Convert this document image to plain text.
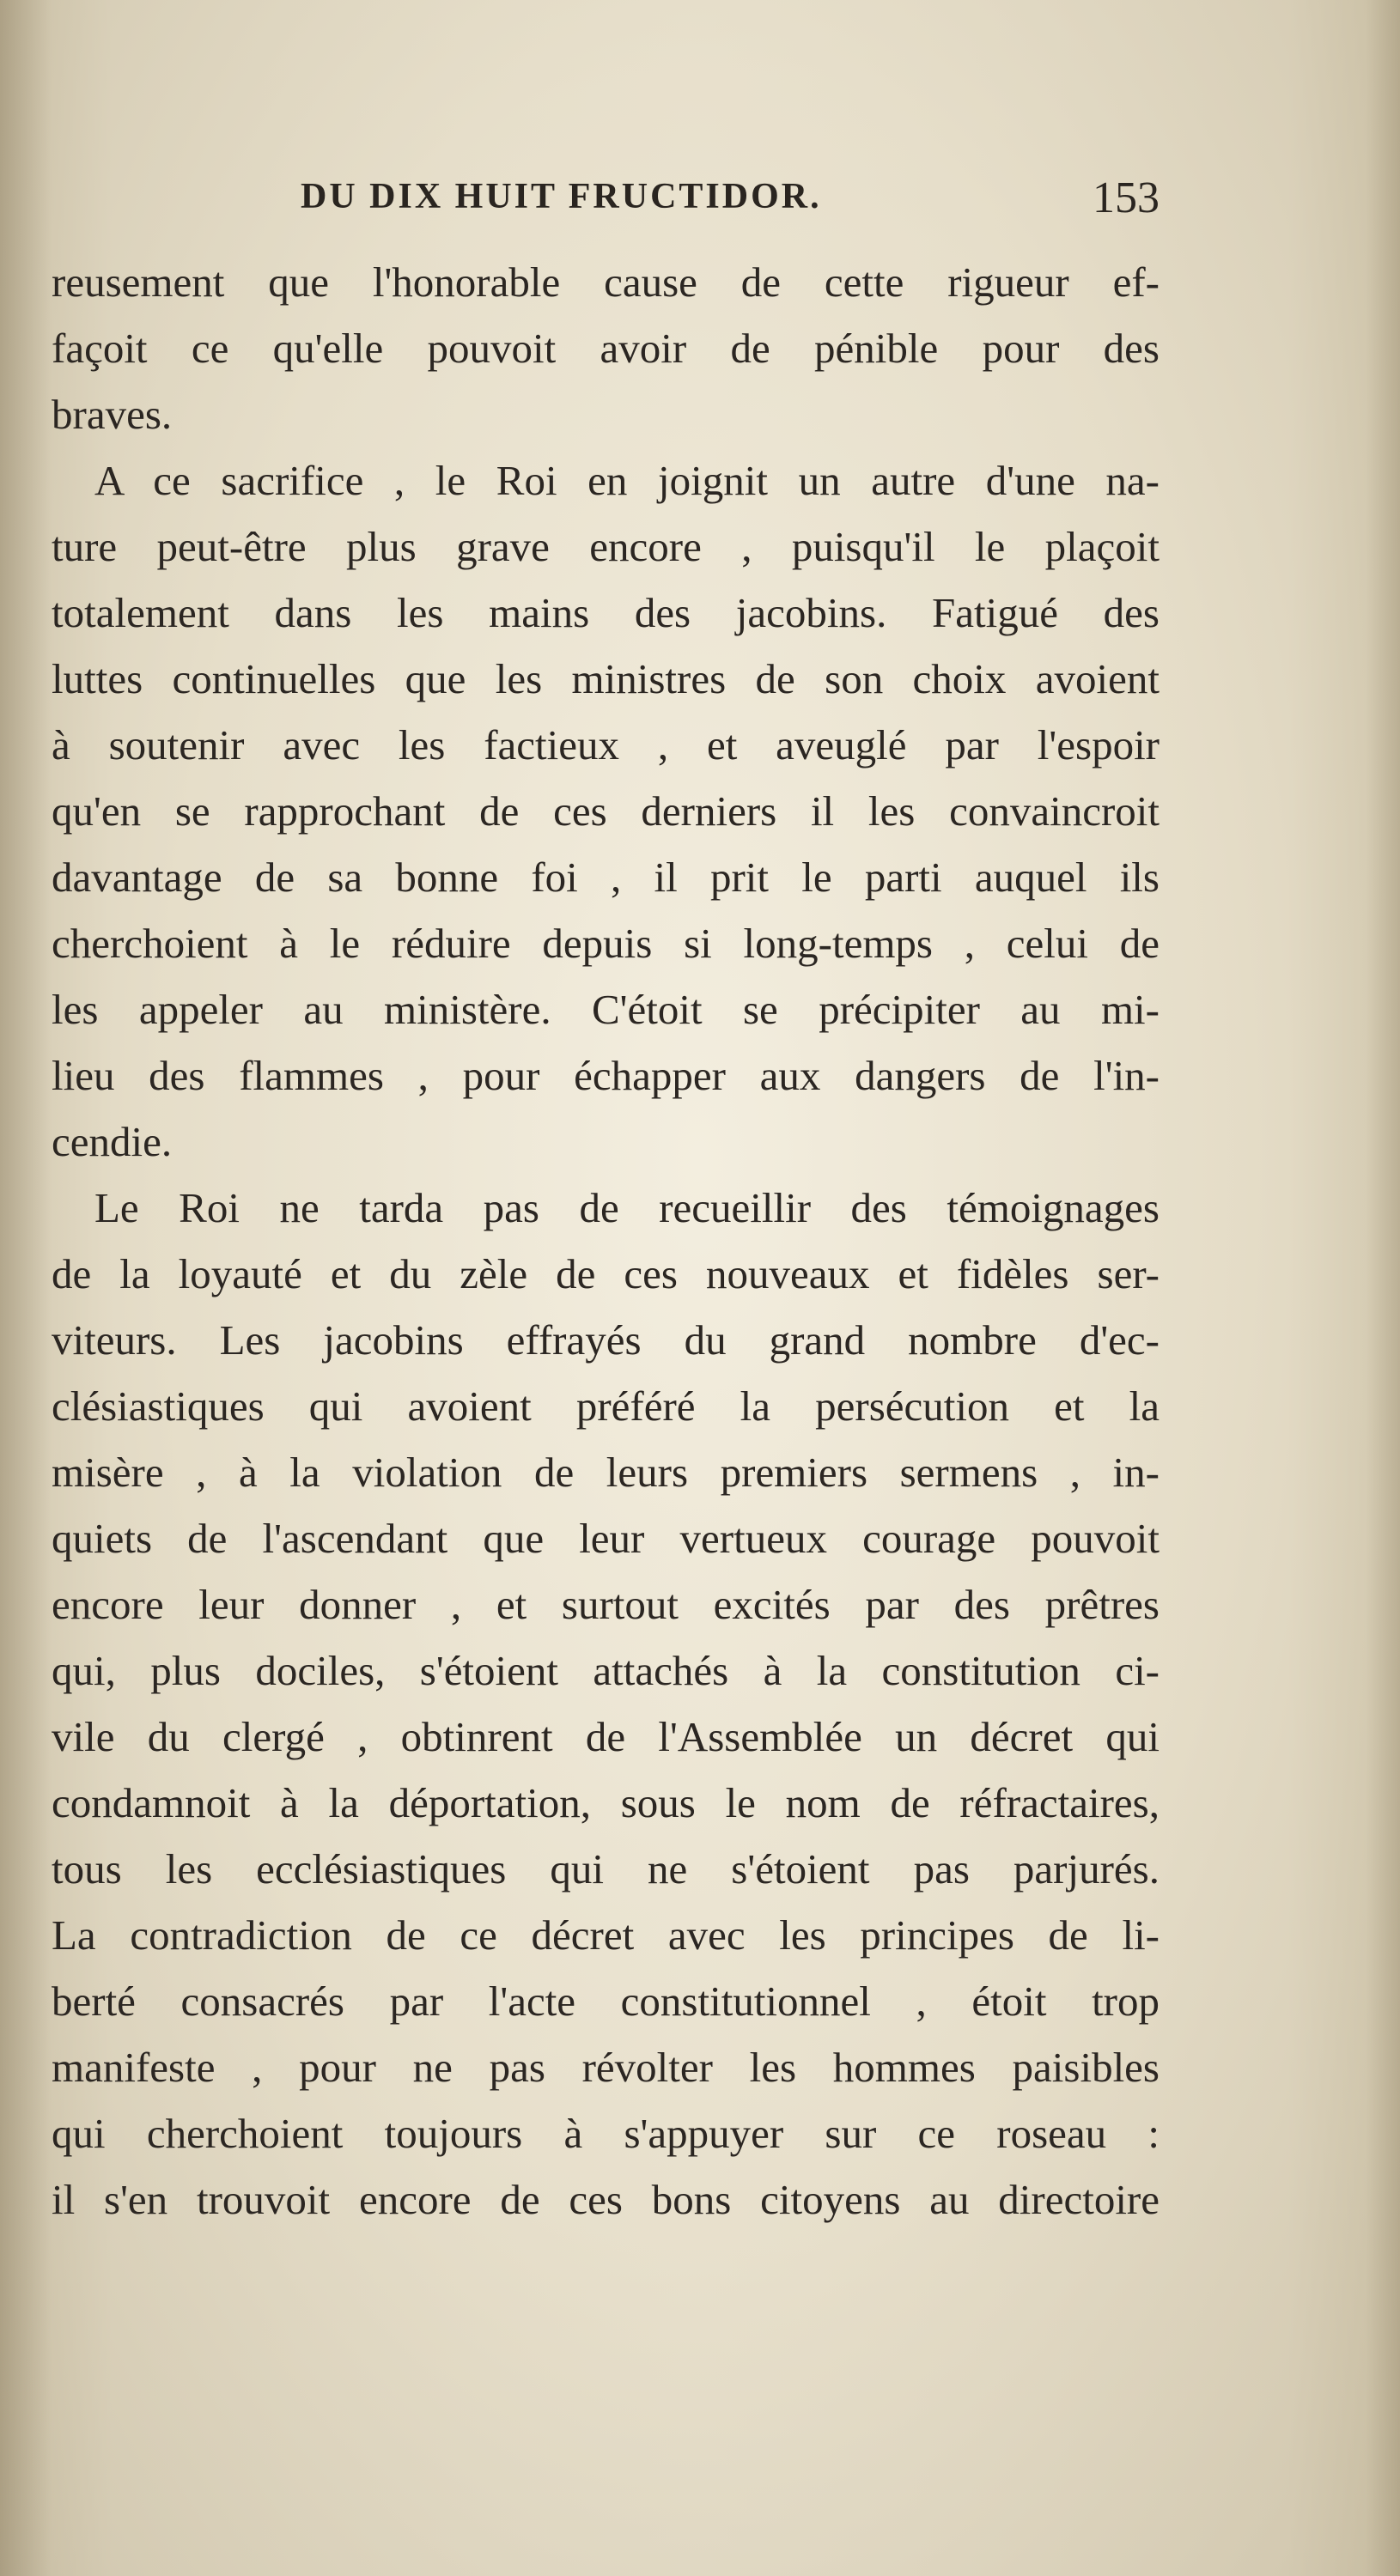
DU DIX HUIT FRUCTIDOR.	153
reusement que l'honorable cause de cette rigueur ef-
façoit ce qu'elle pouvoit avoir de pénible pour des
braves.
A ce sacrifice , le Roi en joignit un autre d'une na-
ture peut-être plus grave encore , puisqu'il le plaçoit
totalement dans les mains des jacobins. Fatigué des
luttes continuelles que les ministres de son choix avoient
à soutenir avec les factieux , et aveuglé par l'espoir
qu'en se rapprochant de ces derniers il les convaincroit
davantage de sa bonne foi , il prit le parti auquel ils
cherchoient à le réduire depuis si long-temps , celui de
les appeler au ministère. C'étoit se précipiter au mi-
lieu des flammes , pour échapper aux dangers de l'in-
cendie.
Le Roi ne tarda pas de recueillir des témoignages
de la loyauté et du zèle de ces nouveaux et fidèles ser-
viteurs. Les jacobins effrayés du grand nombre d'ec-
clésiastiques qui avoient préféré la persécution et la
misère , à la violation de leurs premiers sermens , in-
quiets de l'ascendant que leur vertueux courage pouvoit
encore leur donner , et surtout excités par des prêtres
qui, plus dociles, s'étoient attachés à la constitution ci-
vile du clergé , obtinrent de l'Assemblée un décret qui
condamnoit à la déportation, sous le nom de réfractaires,
tous les ecclésiastiques qui ne s'étoient pas parjurés.
La contradiction de ce décret avec les principes de li-
berté consacrés par l'acte constitutionnel , étoit trop
manifeste , pour ne pas révolter les hommes paisibles
qui cherchoient toujours à s'appuyer sur ce roseau :
il s'en trouvoit encore de ces bons citoyens au directoire
